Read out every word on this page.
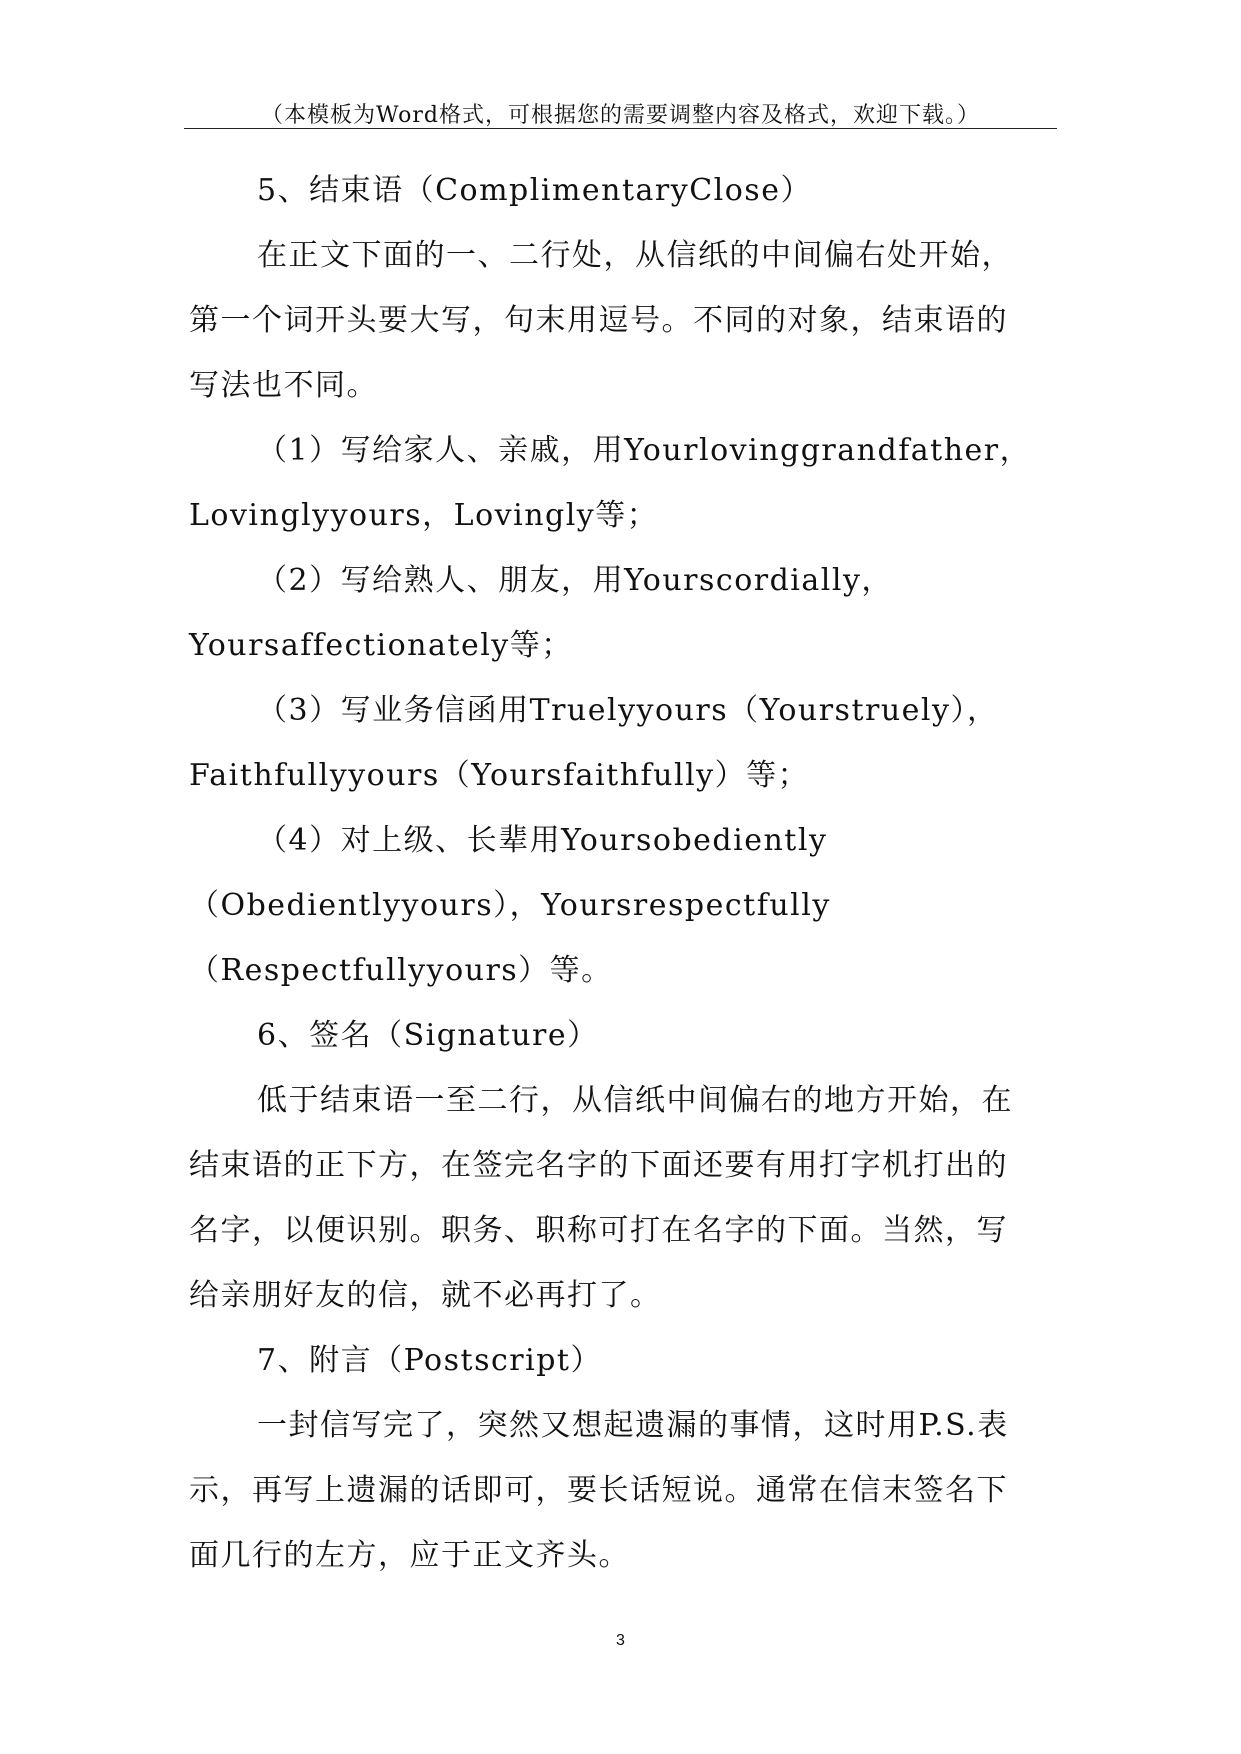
（本模板为Word格式，可根据您的需要调整内容及格式，欢迎下载。）
5、结束语（ComplimentaryClose）
在正文下面的一、二行处，从信纸的中间偏右处开始，
第一个词开头要大写，句末用逗号。不同的对象，结束语的
写法也不同。
（1）写给家人、亲戚，用Yourlovinggrandfather，
Lovinglyyours，Lovingly等；
（2）写给熟人、朋友，用Yourscordially，
Yoursaffectionately等；
（3）写业务信函用Truelyyours（Yourstruely），
Faithfullyyours（Yoursfaithfully）等；
（4）对上级、长辈用Yoursobediently
（Obedientlyyours），Yoursrespectfully
（Respectfullyyours）等。
6、签名（Signature）
低于结束语一至二行，从信纸中间偏右的地方开始，在
结束语的正下方，在签完名字的下面还要有用打字机打出的
名字，以便识别。职务、职称可打在名字的下面。当然，写
给亲朋好友的信，就不必再打了。
7、附言（Postscript）
一封信写完了，突然又想起遗漏的事情，这时用P.S.表
示，再写上遗漏的话即可，要长话短说。通常在信末签名下
面几行的左方，应于正文齐头。
3
